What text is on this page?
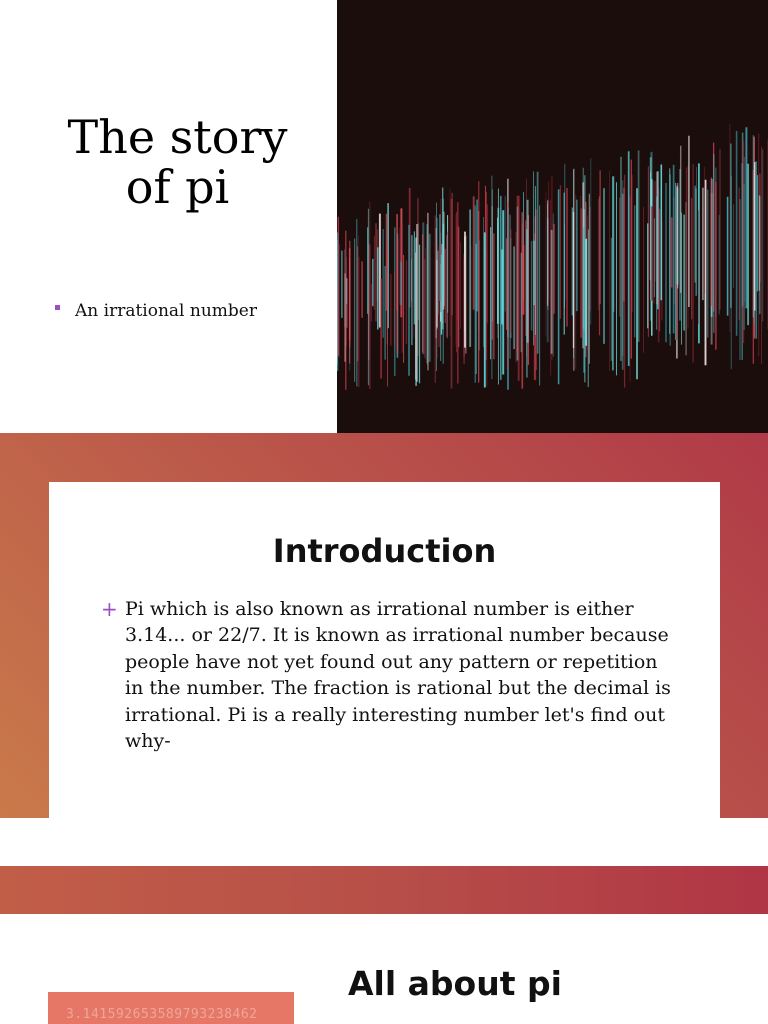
The story
of pi
An irrational number
Introduction
+ Pi which is also known as irrational number is either 3.14... or 22/7. It is known as irrational number because people have not yet found out any pattern or repetition in the number. The fraction is rational but the decimal is irrational. Pi is a really interesting number let's find out why-

All about pi
3.141592653589793238462
